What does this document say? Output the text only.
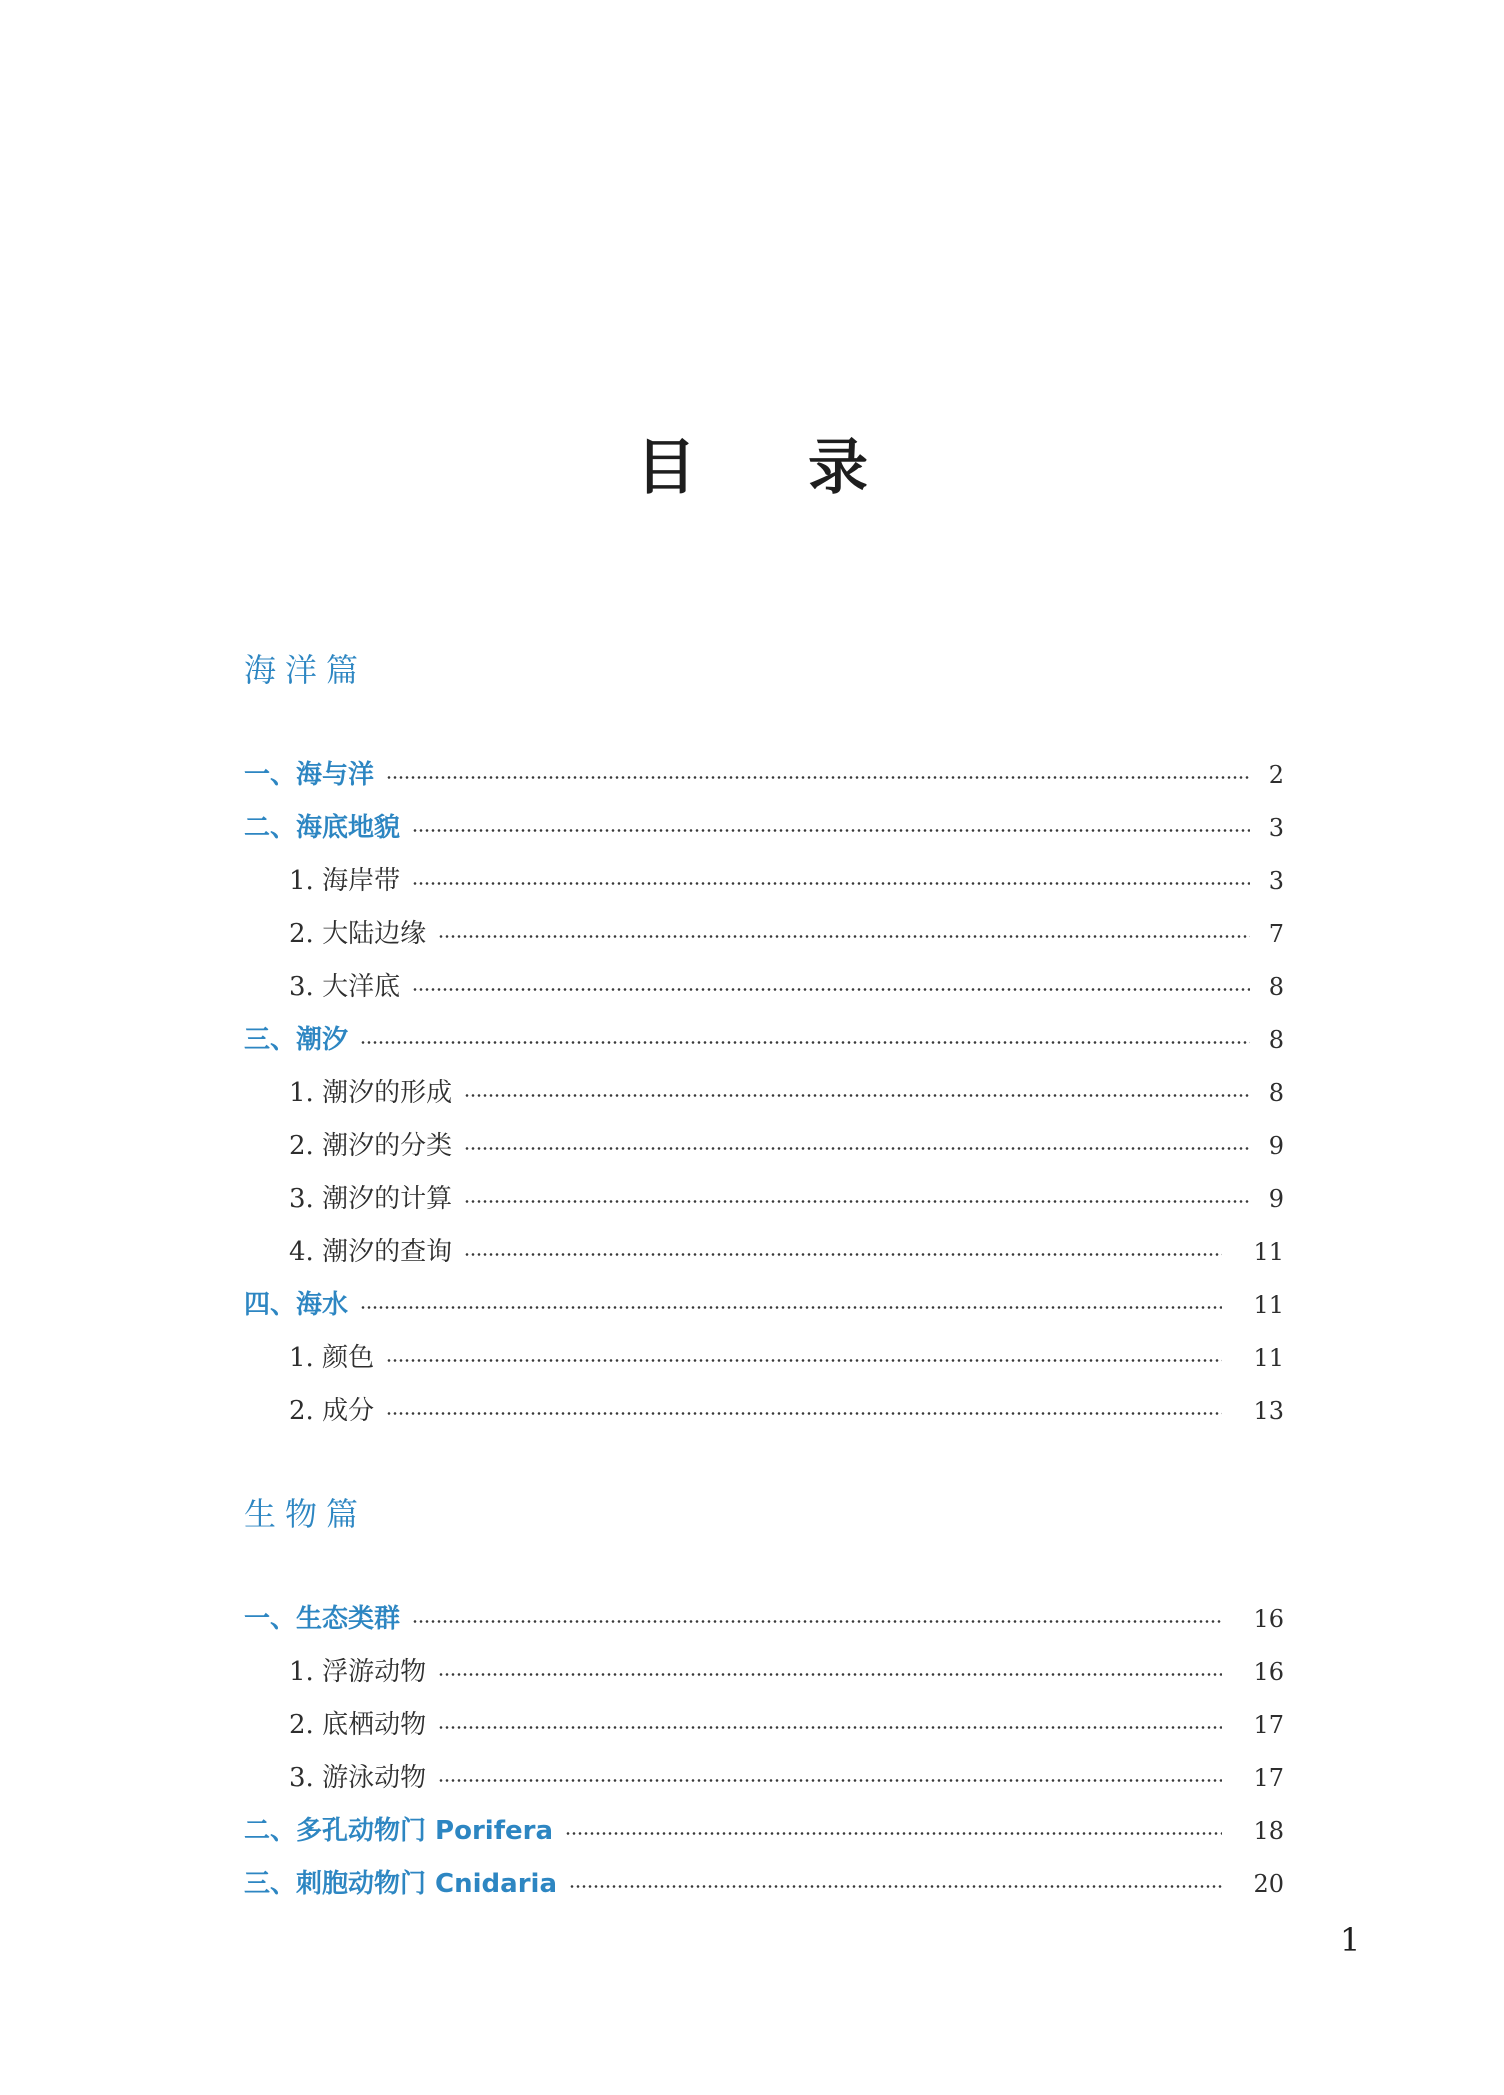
目 录
海洋篇
一、海与洋	2
二、海底地貌	3
1. 海岸带	3
2. 大陆边缘	7
3. 大洋底	8
三、潮汐	8
1. 潮汐的形成	8
2. 潮汐的分类	9
3. 潮汐的计算	9
4. 潮汐的查询	11
四、海水	11
1. 颜色	11
2. 成分	13
生物篇
一、生态类群	16
1. 浮游动物	16
2. 底栖动物	17
3. 游泳动物	17
二、多孔动物门 Porifera	18
三、刺胞动物门 Cnidaria	20
1
